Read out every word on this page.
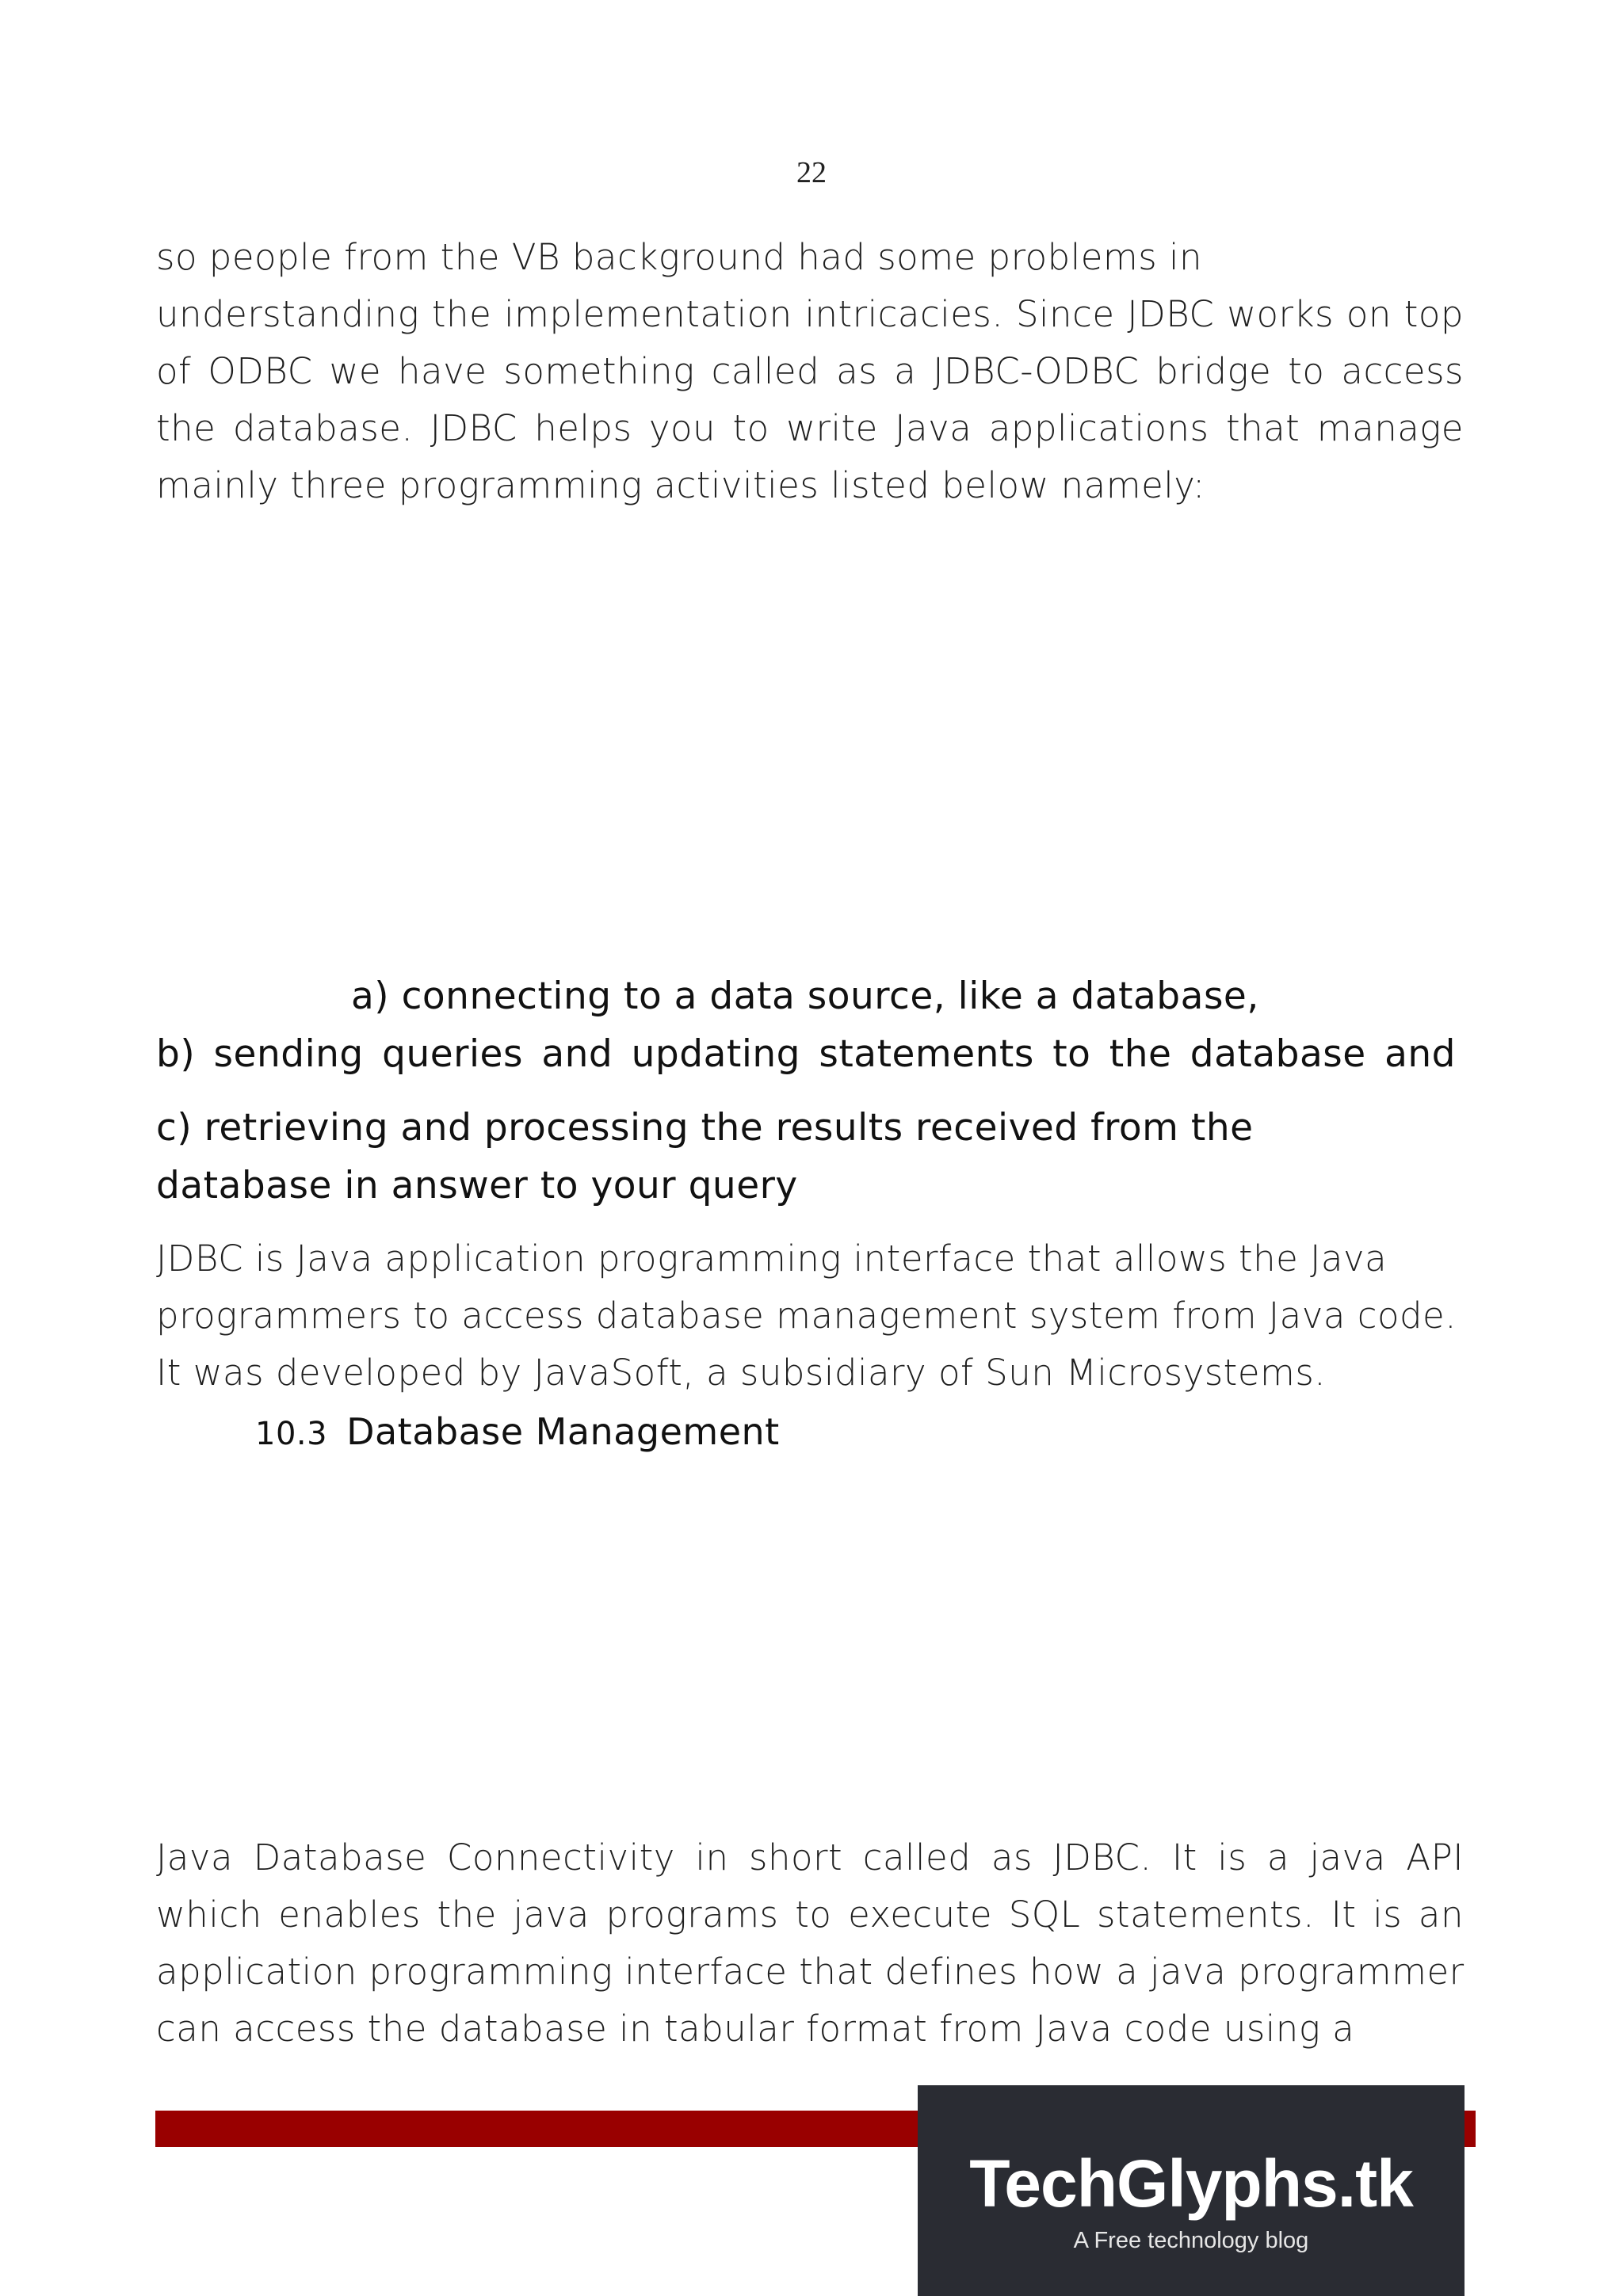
22
so people from the VB background had some problems in
understanding the implementation intricacies. Since JDBC works on top
of ODBC we have something called as a JDBC-ODBC bridge to access
the database. JDBC helps you to write Java applications that manage
mainly three programming activities listed below namely:
a) connecting to a data source, like a database,
b) sending queries and updating statements to the database and
c) retrieving and processing the results received from the
database in answer to your query
JDBC is Java application programming interface that allows the Java
programmers to access database management system from Java code.
It was developed by JavaSoft, a subsidiary of Sun Microsystems.
10.3 Database Management
Java Database Connectivity in short called as JDBC. It is a java API
which enables the java programs to execute SQL statements. It is an
application programming interface that defines how a java programmer
can access the database in tabular format from Java code using a
TechGlyphs.tk
A Free technology blog
